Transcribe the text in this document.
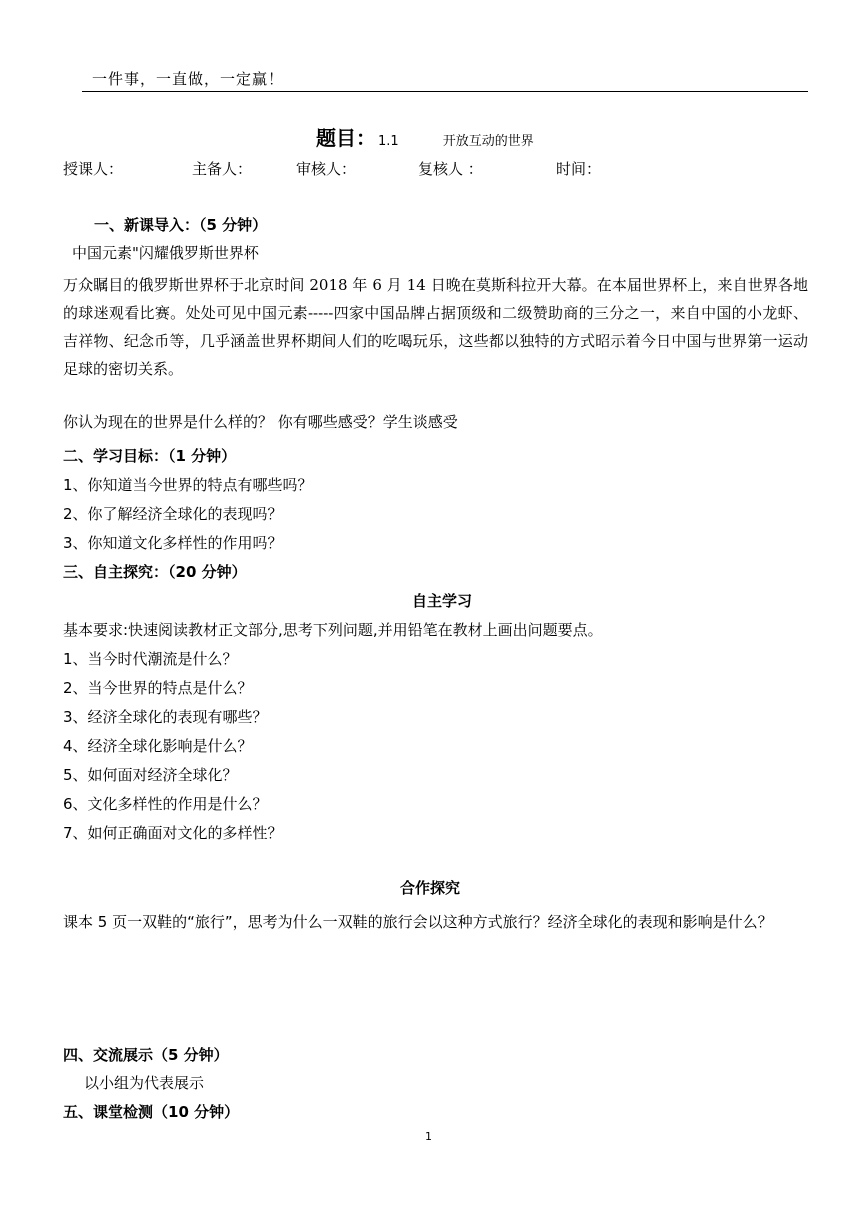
一件事，一直做，一定赢！
题目： 1.1	开放互动的世界
授课人：	主备人：	审核人：	复核人 ：	时间：
一、新课导入：（5 分钟）
中国元素"闪耀俄罗斯世界杯
万众瞩目的俄罗斯世界杯于北京时间 2018 年 6 月 14 日晚在莫斯科拉开大幕。在本届世界杯上，来自世界各地的球迷观看比赛。处处可见中国元素-----四家中国品牌占据顶级和二级赞助商的三分之一，来自中国的小龙虾、吉祥物、纪念币等，几乎涵盖世界杯期间人们的吃喝玩乐，这些都以独特的方式昭示着今日中国与世界第一运动足球的密切关系。
你认为现在的世界是什么样的？ 你有哪些感受？学生谈感受
二、学习目标：（1 分钟）
1、你知道当今世界的特点有哪些吗？
2、你了解经济全球化的表现吗？
3、你知道文化多样性的作用吗？
三、自主探究：（20 分钟）
自主学习
基本要求:快速阅读教材正文部分,思考下列问题,并用铅笔在教材上画出问题要点。
1、当今时代潮流是什么？
2、当今世界的特点是什么？
3、经济全球化的表现有哪些？
4、经济全球化影响是什么？
5、如何面对经济全球化？
6、文化多样性的作用是什么？
7、如何正确面对文化的多样性？
合作探究
课本 5 页一双鞋的“旅行”，思考为什么一双鞋的旅行会以这种方式旅行？经济全球化的表现和影响是什么？
四、交流展示（5 分钟）
以小组为代表展示
五、课堂检测（10 分钟）
1
